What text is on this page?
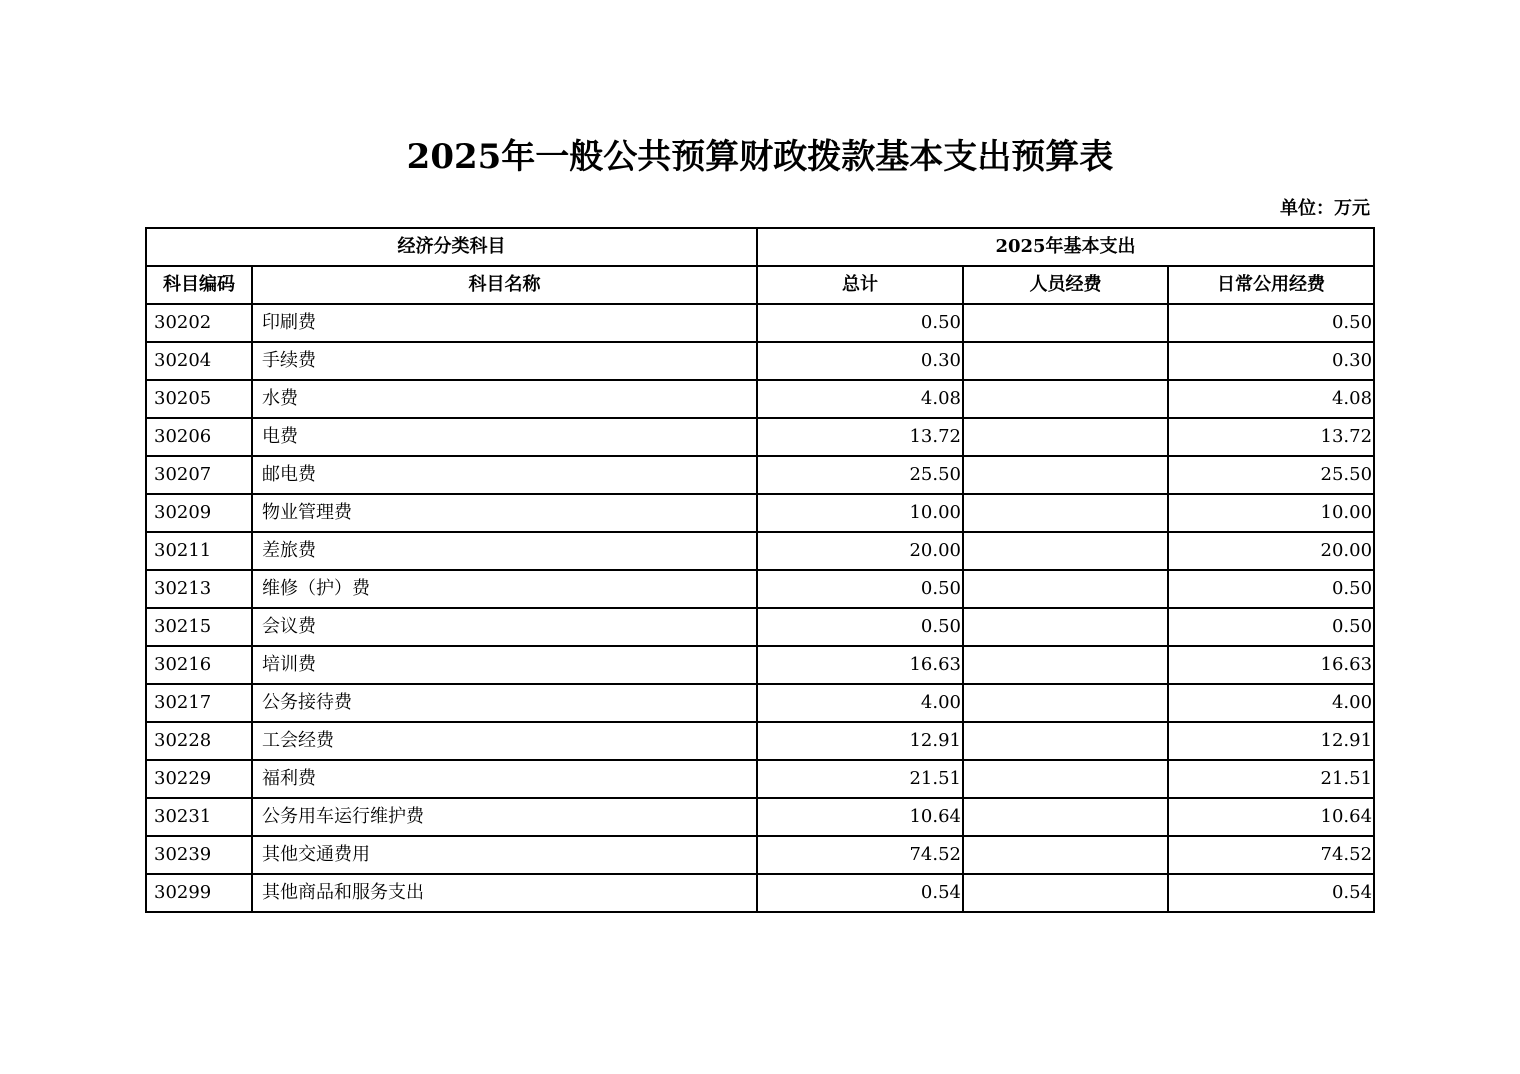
2025年一般公共预算财政拨款基本支出预算表
单位：万元
经济分类科目		2025年基本支出		
科目编码	科目名称	总计	人员经费	日常公用经费
30202	印刷费	0.50		0.50
30204	手续费	0.30		0.30
30205	水费	4.08		4.08
30206	电费	13.72		13.72
30207	邮电费	25.50		25.50
30209	物业管理费	10.00		10.00
30211	差旅费	20.00		20.00
30213	维修（护）费	0.50		0.50
30215	会议费	0.50		0.50
30216	培训费	16.63		16.63
30217	公务接待费	4.00		4.00
30228	工会经费	12.91		12.91
30229	福利费	21.51		21.51
30231	公务用车运行维护费	10.64		10.64
30239	其他交通费用	74.52		74.52
30299	其他商品和服务支出	0.54		0.54
